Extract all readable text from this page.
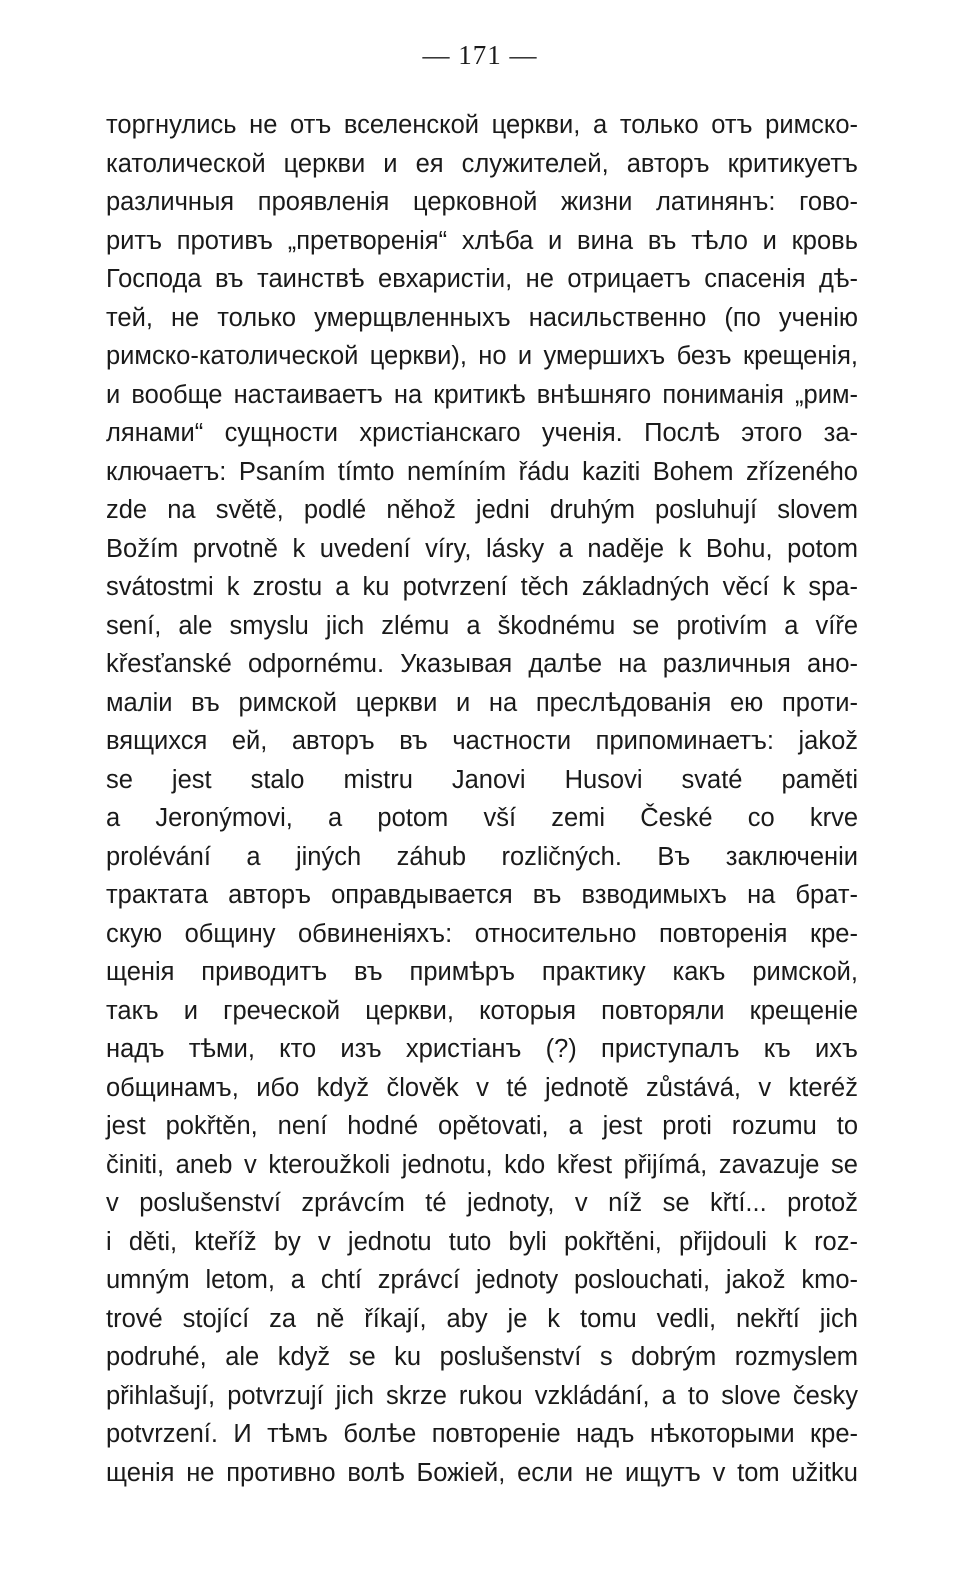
— 171 —
торгнулись не отъ вселенской церкви, а только отъ римско-
католической церкви и ея служителей, авторъ критикуетъ
различныя проявленія церковной жизни латинянъ: гово-
ритъ противъ „претворенія“ хлѣба и вина въ тѣло и кровь
Господа въ таинствѣ евхаристіи, не отрицаетъ спасенія дѣ-
тей, не только умерщвленныхъ насильственно (по ученію
римско-католической церкви), но и умершихъ безъ крещенія,
и вообще настаиваетъ на критикѣ внѣшняго пониманія „рим-
лянами“ сущности христіанскаго ученія. Послѣ этого за-
ключаетъ: Psaním tímto nemíním řádu kaziti Bohem zřízeného
zde na světě, podlé něhož jedni druhým posluhují slovem
Božím prvotně k uvedení víry, lásky a naděje k Bohu, potom
svátostmi k zrostu a ku potvrzení těch základných věcí k spa-
sení, ale smyslu jich zlému a škodnému se protivím a víře
křesťanské odpornému. Указывая далѣе на различныя ано-
малiи въ римской церкви и на преслѣдованія ею проти-
вящихся ей, авторъ въ частности припоминаетъ: jakož
se jest stalo mistru Janovi Husovi svaté paměti
a Jeronýmovi, a potom vší zemi České co krve
prolévání a jiných záhub rozličných. Въ заключеніи
трактата авторъ оправдывается въ взводимыхъ на брат-
скую общину обвиненiяхъ: относительно повторенія кре-
щенія приводитъ въ примѣръ практику какъ римской,
такъ и греческой церкви, которыя повторяли крещеніе
надъ тѣми, кто изъ христіанъ (?) приступалъ къ ихъ
общинамъ, ибо když člověk v té jednotě zůstává, v kteréž
jest pokřtěn, není hodné opětovati, a jest proti rozumu to
činiti, aneb v kteroužkoli jednotu, kdo křest přijímá, zavazuje se
v poslušenství zprávcím té jednoty, v níž se křtí... protož
i děti, kteříž by v jednotu tuto byli pokřtěni, přijdouli k roz-
umným letom, a chtí zprávcí jednoty poslouchati, jakož kmo-
trové stojící za ně říkají, aby je k tomu vedli, nekřtí jich
podruhé, ale když se ku poslušenství s dobrým rozmyslem
přihlašují, potvrzují jich skrze rukou vzkládání, a to slove česky
potvrzení. И тѣмъ болѣе повтореніе надъ нѣкоторыми кре-
щенія не противно волѣ Божіей, если не ищутъ v tom užitku
